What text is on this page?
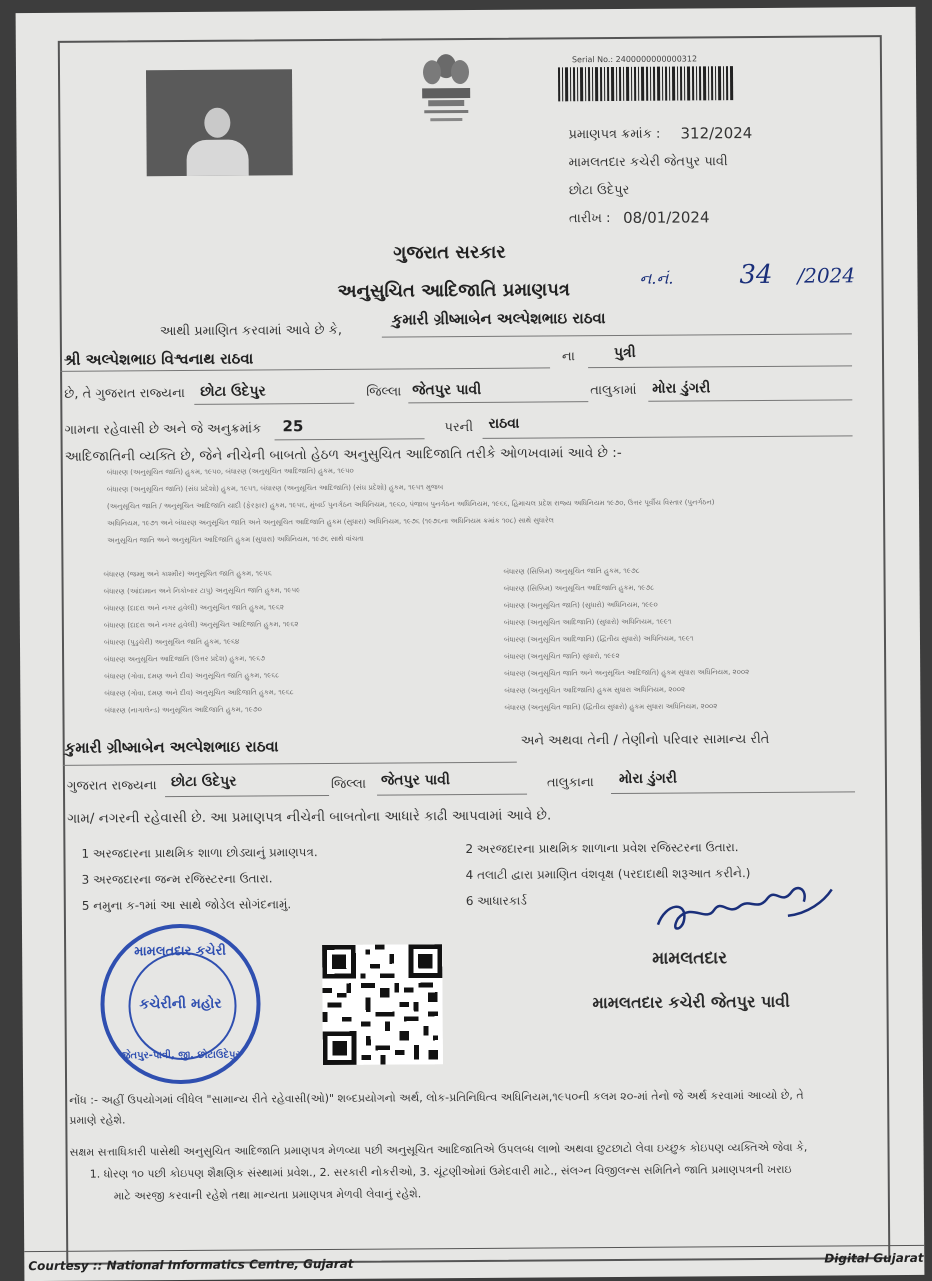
Serial No.: 2400000000000312
પ્રમાણપત્ર ક્રમાંક : 312/2024
મામલતદાર કચેરી જેતપુર પાવી
છોટા ઉદેપુર
તારીખ : 08/01/2024
ગુજરાત સરકાર
અનુસુચિત આદિજાતિ પ્રમાણપત્ર
ન.નં.	34 /2024
આથી પ્રમાણિત કરવામાં આવે છે કે,
કુમારી ગ્રીષ્માબેન અલ્પેશભાઇ રાઠવા
શ્રી અલ્પેશભાઇ વિશ્વનાથ રાઠવા	ના	પુત્રી
છે, તે ગુજરાત રાજ્યના છોટા ઉદેપુર	જિલ્લા જેતપુર પાવી	તાલુકામાં મોરા ડુંગરી
ગામના રહેવાસી છે અને જે અનુક્રમાંક 25	પરની રાઠવા
આદિજાતિની વ્યક્તિ છે, જેને નીચેની બાબતો હેઠળ અનુસુચિત આદિજાતિ તરીકે ઓળખવામાં આવે છે :-
બંધારણ (અનુસૂચિત જાતિ) હુકમ, ૧૯૫૦, બંધારણ (અનુસૂચિત આદિજાતિ) હુકમ, ૧૯૫૦
બંધારણ (અનુસૂચિત જાતિ) (સંઘ પ્રદેશો) હુકમ, ૧૯૫૧, બંધારણ (અનુસૂચિત આદિજાતિ) (સંઘ પ્રદેશો) હુકમ, ૧૯૫૧ મુજબ
(અનુસૂચિત જાતિ / અનુસૂચિત આદિજાતિ યાદી (ફેરફાર) હુકમ, ૧૯૫૬, મુંબઈ પુનર્ગઠન અધિનિયમ, ૧૯૬૦, પંજાબ પુનર્ગઠન અધિનિયમ, ૧૯૬૬, હિમાચલ પ્રદેશ રાજ્ય અધિનિયમ ૧૯૭૦, ઉત્તર પૂર્વીય વિસ્તાર (પુનર્ગઠન)
અધિનિયમ, ૧૯૭૧ અને બંધારણ અનુસૂચિત જાતિ અને અનુસૂચિત આદિજાતિ હુકમ (સુધારા) અધિનિયમ, ૧૯૭૬ (૧૯૭૬ના અધિનિયમ ક્રમાંક ૧૦૮) સાથે સુધારેલ
અનુસૂચિત જાતિ અને અનુસૂચિત આદિજાતિ હુકમ (સુધારા) અધિનિયમ, ૧૯૭૬ સાથે વાંચતા
બંધારણ (જમ્મુ અને કાશ્મીર) અનુસૂચિત જાતિ હુકમ, ૧૯૫૬
બંધારણ (આંદામાન અને નિકોબાર ટાપુ) અનુસૂચિત જાતિ હુકમ, ૧૯૫૯
બંધારણ (દાદરા અને નગર હવેલી) અનુસૂચિત જાતિ હુકમ, ૧૯૬૨
બંધારણ (દાદરા અને નગર હવેલી) અનુસૂચિત આદિજાતિ હુકમ, ૧૯૬૨
બંધારણ (પુડુચેરી) અનુસૂચિત જાતિ હુકમ, ૧૯૬૪
બંધારણ અનુસૂચિત આદિજાતિ (ઉત્તર પ્રદેશ) હુકમ, ૧૯૬૭
બંધારણ (ગોવા, દમણ અને દીવ) અનુસૂચિત જાતિ હુકમ, ૧૯૬૮
બંધારણ (ગોવા, દમણ અને દીવ) અનુસૂચિત આદિજાતિ હુકમ, ૧૯૬૮
બંધારણ (નાગાલેન્ડ) અનુસૂચિત આદિજાતિ હુકમ, ૧૯૭૦
બંધારણ (સિક્કિમ) અનુસૂચિત જાતિ હુકમ, ૧૯૭૮
બંધારણ (સિક્કિમ) અનુસૂચિત આદિજાતિ હુકમ, ૧૯૭૮
બંધારણ (અનુસૂચિત જાતિ) (સુધારો) અધિનિયમ, ૧૯૯૦
બંધારણ (અનુસૂચિત આદિજાતિ) (સુધારો) અધિનિયમ, ૧૯૯૧
બંધારણ (અનુસૂચિત આદિજાતિ) (દ્વિતીય સુધારો) અધિનિયમ, ૧૯૯૧
બંધારણ (અનુસૂચિત જાતિ) સુધારો, ૧૯૯૨
બંધારણ (અનુસૂચિત જાતિ અને અનુસૂચિત આદિજાતિ) હુકમ સુધારા અધિનિયમ, ૨૦૦૨
બંધારણ (અનુસૂચિત આદિજાતિ) હુકમ સુધારા અધિનિયમ, ૨૦૦૨
બંધારણ (અનુસૂચિત જાતિ) (દ્વિતીય સુધારો) હુકમ સુધારા અધિનિયમ, ૨૦૦૨
કુમારી ગ્રીષ્માબેન અલ્પેશભાઇ રાઠવા	અને અથવા તેની / તેણીનો પરિવાર સામાન્ય રીતે
ગુજરાત રાજ્યના છોટા ઉદેપુર	જિલ્લા જેતપુર પાવી	તાલુકાના મોરા ડુંગરી
ગામ/ નગરની રહેવાસી છે. આ પ્રમાણપત્ર નીચેની બાબતોના આધારે કાઢી આપવામાં આવે છે.
1 અરજદારના પ્રાથમિક શાળા છોડ્યાનું પ્રમાણપત્ર.
3 અરજદારના જન્મ રજિસ્ટરના ઉતારા.
5 નમુના ક-૧માં આ સાથે જોડેલ સોગંદનામું.
2 અરજદારના પ્રાથમિક શાળાના પ્રવેશ રજિસ્ટરના ઉતારા.
4 તલાટી દ્વારા પ્રમાણિત વંશવૃક્ષ (પરદાદાથી શરૂઆત કરીને.)
6 આધારકાર્ડ
મામલતદાર કચેરી
કચેરીની મહોર
જેતપુર-પાવી, જી. છોટાઉદેપુર
મામલતદાર
મામલતદાર કચેરી જેતપુર પાવી
નોંધ :- અહીં ઉપયોગમાં લીધેલ "સામાન્ય રીતે રહેવાસી(ઓ)" શબ્દપ્રયોગનો અર્થ, લોક-પ્રતિનિધિત્વ અધિનિયમ,૧૯૫૦ની કલમ ૨૦-માં તેનો જે અર્થ કરવામાં આવ્યો છે, તે
પ્રમાણે રહેશે.
સક્ષમ સત્તાધિકારી પાસેથી અનુસુચિત આદિજાતિ પ્રમાણપત્ર મેળવ્યા પછી અનુસૂચિત આદિજાતિએ ઉપલબ્ધ લાભો અથવા છુટછાટો લેવા ઇચ્છુક કોઇપણ વ્યક્તિએ જેવા કે,
1. ધોરણ ૧૦ પછી કોઇપણ શૈક્ષણિક સંસ્થામાં પ્રવેશ., 2. સરકારી નોકરીઓ, 3. ચૂંટણીઓમાં ઉમેદવારી માટે., સંલગ્ન વિજીલન્સ સમિતિને જાતિ પ્રમાણપત્રની ખરાઇ
માટે અરજી કરવાની રહેશે તથા માન્યતા પ્રમાણપત્ર મેળવી લેવાનું રહેશે.
Courtesy :: National Informatics Centre, Gujarat	Digital Gujarat
